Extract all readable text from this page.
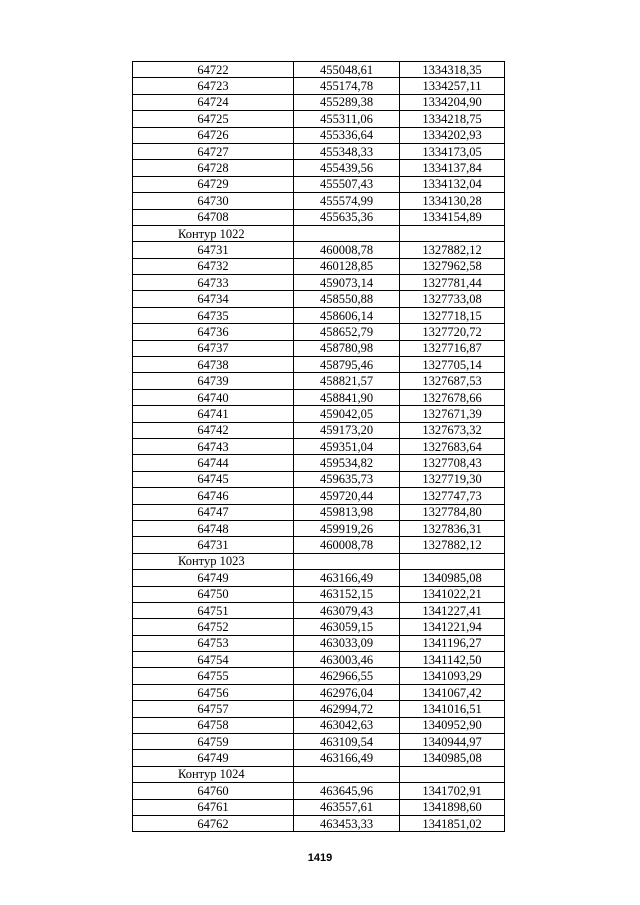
64722	455048,61	1334318,35
64723	455174,78	1334257,11
64724	455289,38	1334204,90
64725	455311,06	1334218,75
64726	455336,64	1334202,93
64727	455348,33	1334173,05
64728	455439,56	1334137,84
64729	455507,43	1334132,04
64730	455574,99	1334130,28
64708	455635,36	1334154,89
Контур 1022		
64731	460008,78	1327882,12
64732	460128,85	1327962,58
64733	459073,14	1327781,44
64734	458550,88	1327733,08
64735	458606,14	1327718,15
64736	458652,79	1327720,72
64737	458780,98	1327716,87
64738	458795,46	1327705,14
64739	458821,57	1327687,53
64740	458841,90	1327678,66
64741	459042,05	1327671,39
64742	459173,20	1327673,32
64743	459351,04	1327683,64
64744	459534,82	1327708,43
64745	459635,73	1327719,30
64746	459720,44	1327747,73
64747	459813,98	1327784,80
64748	459919,26	1327836,31
64731	460008,78	1327882,12
Контур 1023		
64749	463166,49	1340985,08
64750	463152,15	1341022,21
64751	463079,43	1341227,41
64752	463059,15	1341221,94
64753	463033,09	1341196,27
64754	463003,46	1341142,50
64755	462966,55	1341093,29
64756	462976,04	1341067,42
64757	462994,72	1341016,51
64758	463042,63	1340952,90
64759	463109,54	1340944,97
64749	463166,49	1340985,08
Контур 1024		
64760	463645,96	1341702,91
64761	463557,61	1341898,60
64762	463453,33	1341851,02
1419
